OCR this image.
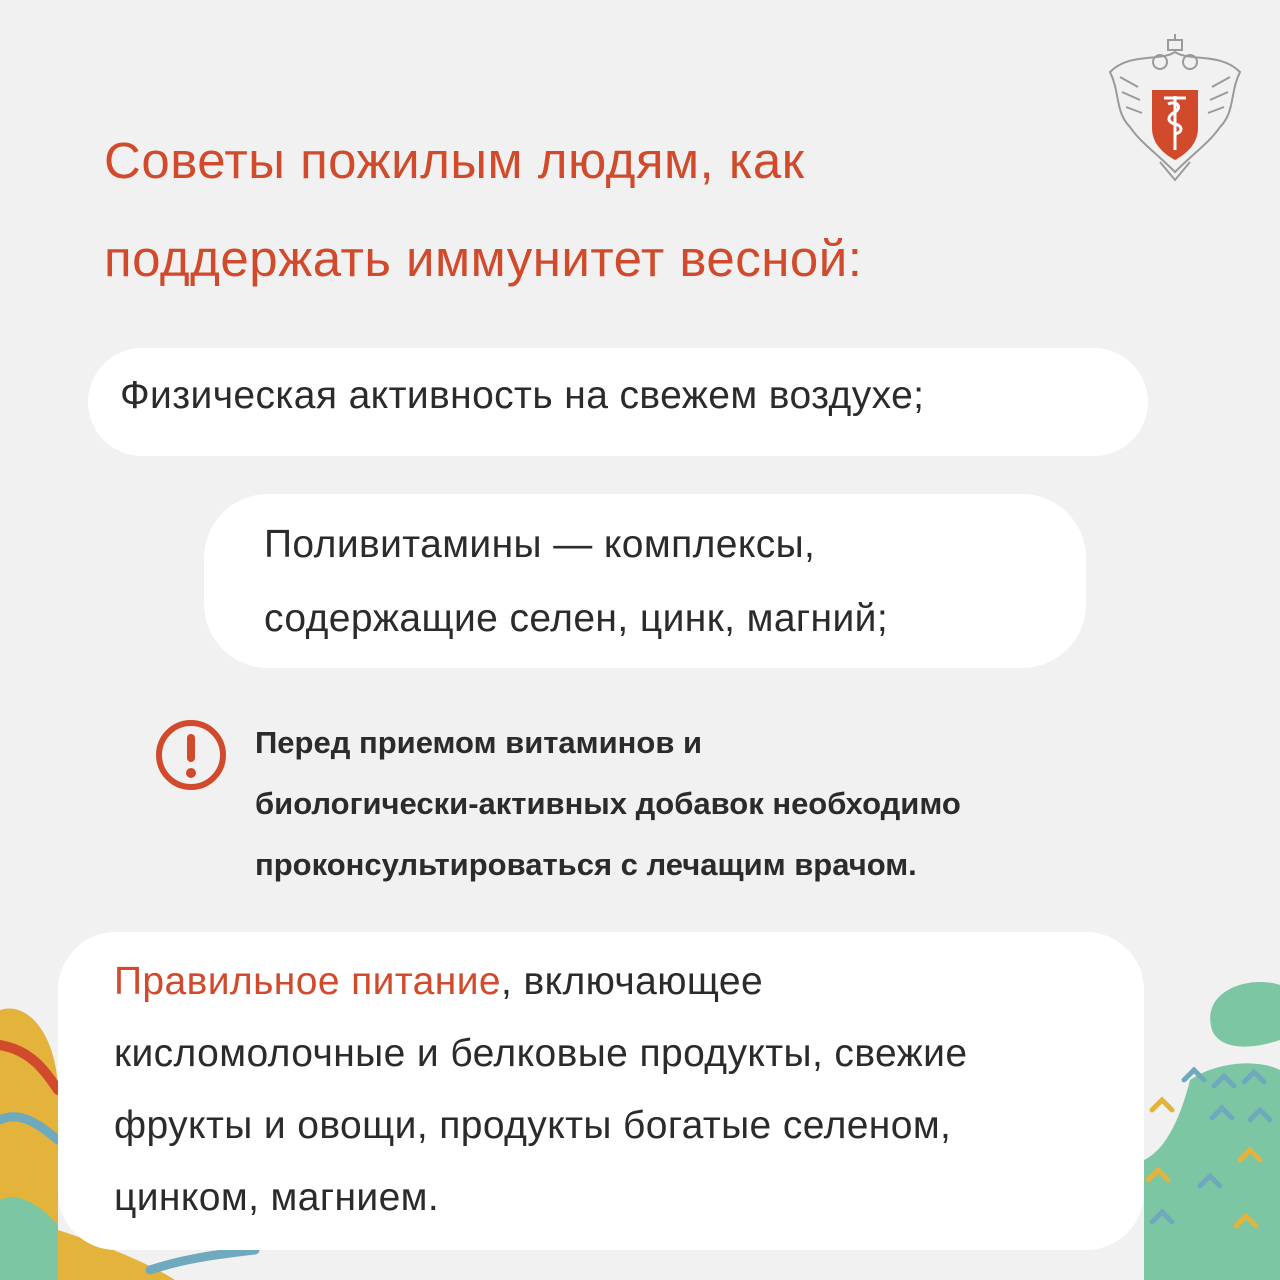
Советы пожилым людям, как
поддержать иммунитет весной:
Физическая активность на свежем воздухе;
Поливитамины — комплексы,
содержащие селен, цинк, магний;
Перед приемом витаминов и
биологически-активных добавок необходимо
проконсультироваться с лечащим врачом.
Правильное питание, включающее
кисломолочные и белковые продукты, свежие
фрукты и овощи, продукты богатые селеном,
цинком, магнием.
